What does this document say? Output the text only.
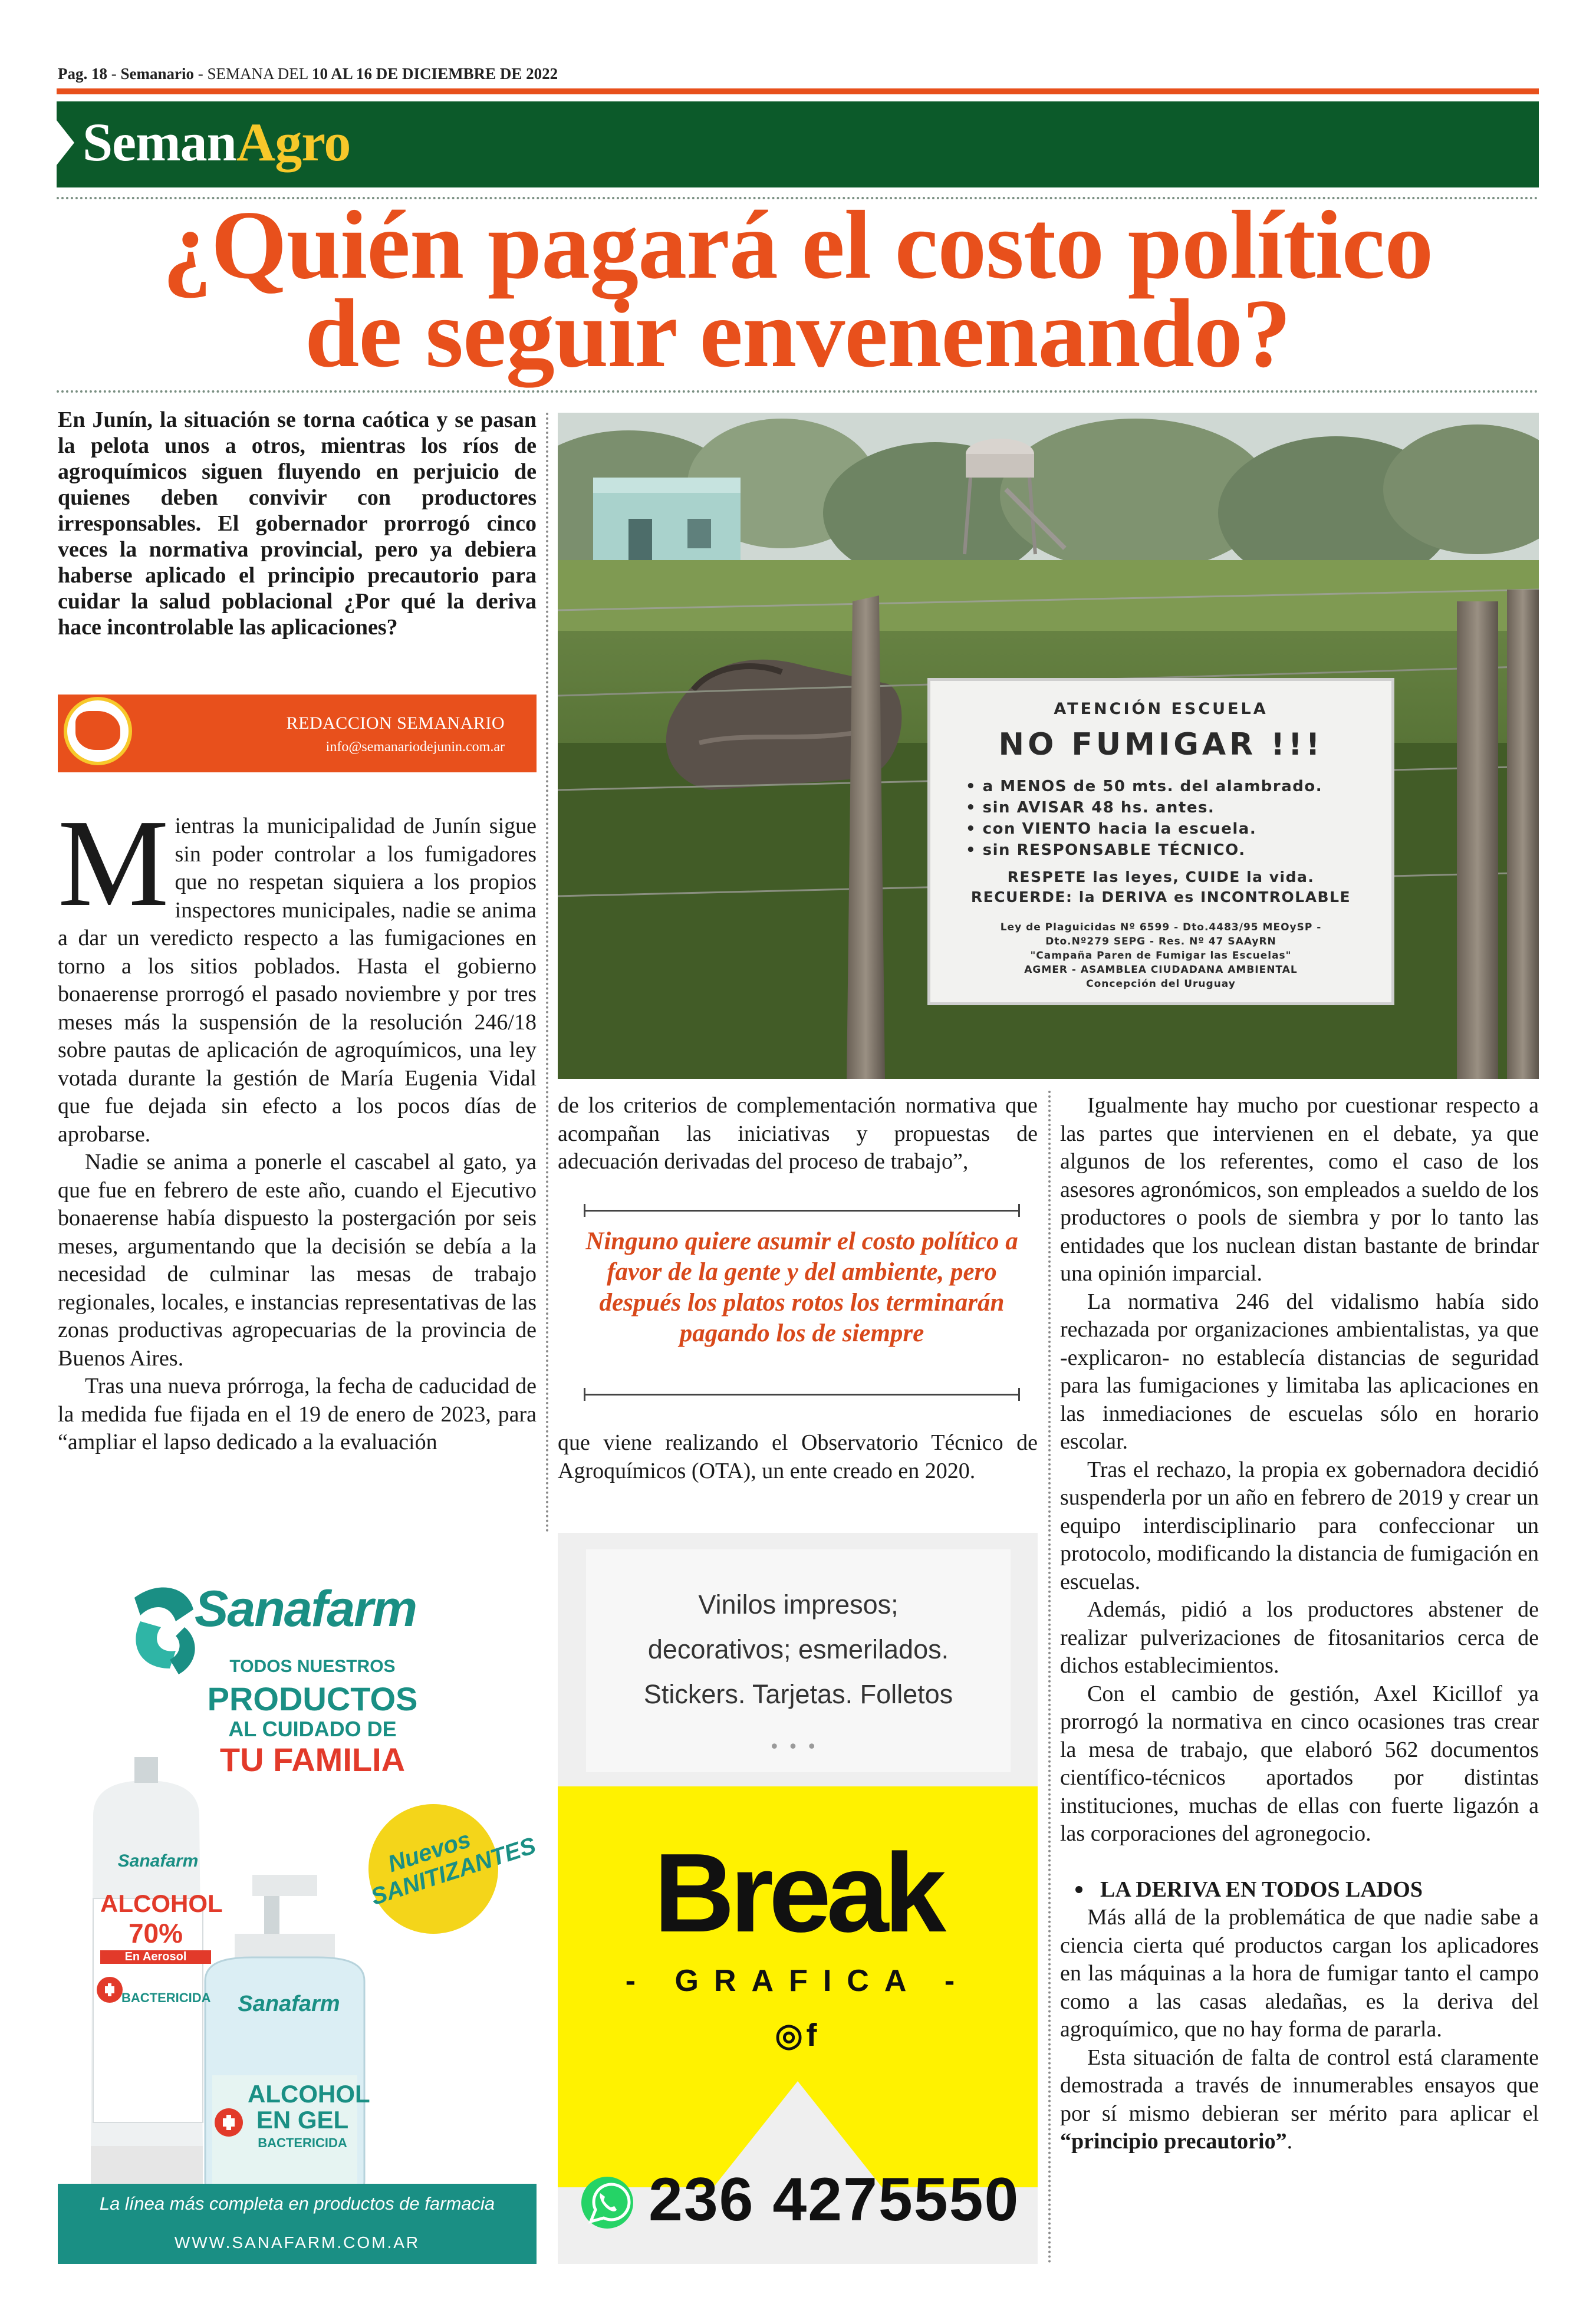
Pag. 18 - Semanario - SEMANA DEL 10 AL 16 DE DICIEMBRE DE 2022
SemanAgro
¿Quién pagará el costo político
de seguir envenenando?

En Junín, la situación se torna caótica y se pasan la pelota unos a otros, mientras los ríos de agroquímicos siguen fluyendo en perjuicio de quienes deben convivir con productores irresponsables. El gobernador prorrogó cinco veces la normativa provincial, pero ya debiera haberse aplicado el principio precautorio para cuidar la salud poblacional ¿Por qué la deriva hace incontrolable las aplicaciones?

REDACCION SEMANARIO
info@semanariodejunin.com.ar

Mientras la municipalidad de Junín sigue sin poder controlar a los fumigadores que no respetan siquiera a los propios inspectores municipales, nadie se anima a dar un veredicto respecto a las fumigaciones en torno a los sitios poblados. Hasta el gobierno bonaerense prorrogó el pasado noviembre y por tres meses más la suspensión de la resolución 246/18 sobre pautas de aplicación de agroquímicos, una ley votada durante la gestión de María Eugenia Vidal que fue dejada sin efecto a los pocos días de aprobarse.

Nadie se anima a ponerle el cascabel al gato, ya que fue en febrero de este año, cuando el Ejecutivo bonaerense había dispuesto la postergación por seis meses, argumentando que la decisión se debía a la necesidad de culminar las mesas de trabajo regionales, locales, e instancias representativas de las zonas productivas agropecuarias de la provincia de Buenos Aires.

Tras una nueva prórroga, la fecha de caducidad de la medida fue fijada en el 19 de enero de 2023, para “ampliar el lapso dedicado a la evaluación

ATENCIÓN ESCUELA
NO FUMIGAR !!!
• a MENOS de 50 mts. del alambrado.
• sin AVISAR 48 hs. antes.
• con VIENTO hacia la escuela.
• sin RESPONSABLE TÉCNICO.
RESPETE las leyes, CUIDE la vida.
RECUERDE: la DERIVA es INCONTROLABLE
Ley de Plaguicidas Nº 6599 - Dto.4483/95 MEOySP -
Dto.Nº279 SEPG - Res. Nº 47 SAAyRN
"Campaña Paren de Fumigar las Escuelas"
AGMER - ASAMBLEA CIUDADANA AMBIENTAL
Concepción del Uruguay

de los criterios de complementación normativa que acompañan las iniciativas y propuestas de adecuación derivadas del proceso de trabajo”,

Ninguno quiere asumir el costo político a favor de la gente y del ambiente, pero después los platos rotos los terminarán pagando los de siempre

que viene realizando el Observatorio Técnico de Agroquímicos (OTA), un ente creado en 2020.

Igualmente hay mucho por cuestionar respecto a las partes que intervienen en el debate, ya que algunos de los referentes, como el caso de los asesores agronómicos, son empleados a sueldo de los productores o pools de siembra y por lo tanto las entidades que los nuclean distan bastante de brindar una opinión imparcial.

La normativa 246 del vidalismo había sido rechazada por organizaciones ambientalistas, ya que -explicaron- no establecía distancias de seguridad para las fumigaciones y limitaba las aplicaciones en las inmediaciones de escuelas sólo en horario escolar.

Tras el rechazo, la propia ex gobernadora decidió suspenderla por un año en febrero de 2019 y crear un equipo interdisciplinario para confeccionar un protocolo, modificando la distancia de fumigación en escuelas.

Además, pidió a los productores abstener de realizar pulverizaciones de fitosanitarios cerca de dichos establecimientos.

Con el cambio de gestión, Axel Kicillof ya prorrogó la normativa en cinco ocasiones tras crear la mesa de trabajo, que elaboró 562 documentos científico-técnicos aportados por distintas instituciones, muchas de ellas con fuerte ligazón a las corporaciones del agronegocio.

LA DERIVA EN TODOS LADOS

Más allá de la problemática de que nadie sabe a ciencia cierta qué productos cargan los aplicadores en las máquinas a la hora de fumigar tanto el campo como a las casas aledañas, es la deriva del agroquímico, que no hay forma de pararla.

Esta situación de falta de control está claramente demostrada a través de innumerables ensayos que por sí mismo debieran ser mérito para aplicar el “principio precautorio”.

Sanafarm
TODOS NUESTROS
PRODUCTOS
AL CUIDADO DE
TU FAMILIA
Nuevos SANITIZANTES
Sanafarm
ALCOHOL
70%
En Aerosol
BACTERICIDA	Sanafarm
ALCOHOL
EN GEL
BACTERICIDA
La línea más completa en productos de farmacia
WWW.SANAFARM.COM.AR
Vinilos impresos;
decorativos; esmerilados.
Stickers. Tarjetas. Folletos
•••
Break
- GRAFICA -
◎f
236 4275550
